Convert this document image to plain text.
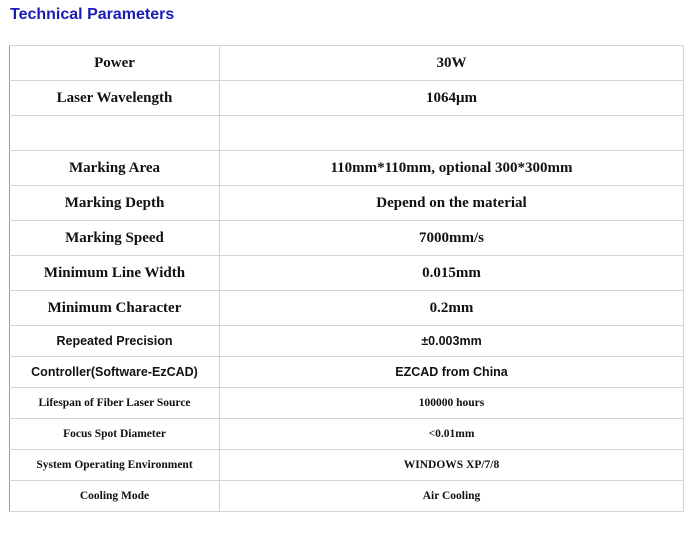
Technical Parameters
Power	30W
Laser Wavelength	1064μm

Marking Area	110mm*110mm, optional 300*300mm
Marking Depth	Depend on the material
Marking Speed	7000mm/s
Minimum Line Width	0.015mm
Minimum Character	0.2mm
Repeated Precision	±0.003mm
Controller(Software-EzCAD)	EZCAD from China
Lifespan of Fiber Laser Source	100000 hours
Focus Spot Diameter	<0.01mm
System Operating Environment	WINDOWS XP/7/8
Cooling Mode	Air Cooling
